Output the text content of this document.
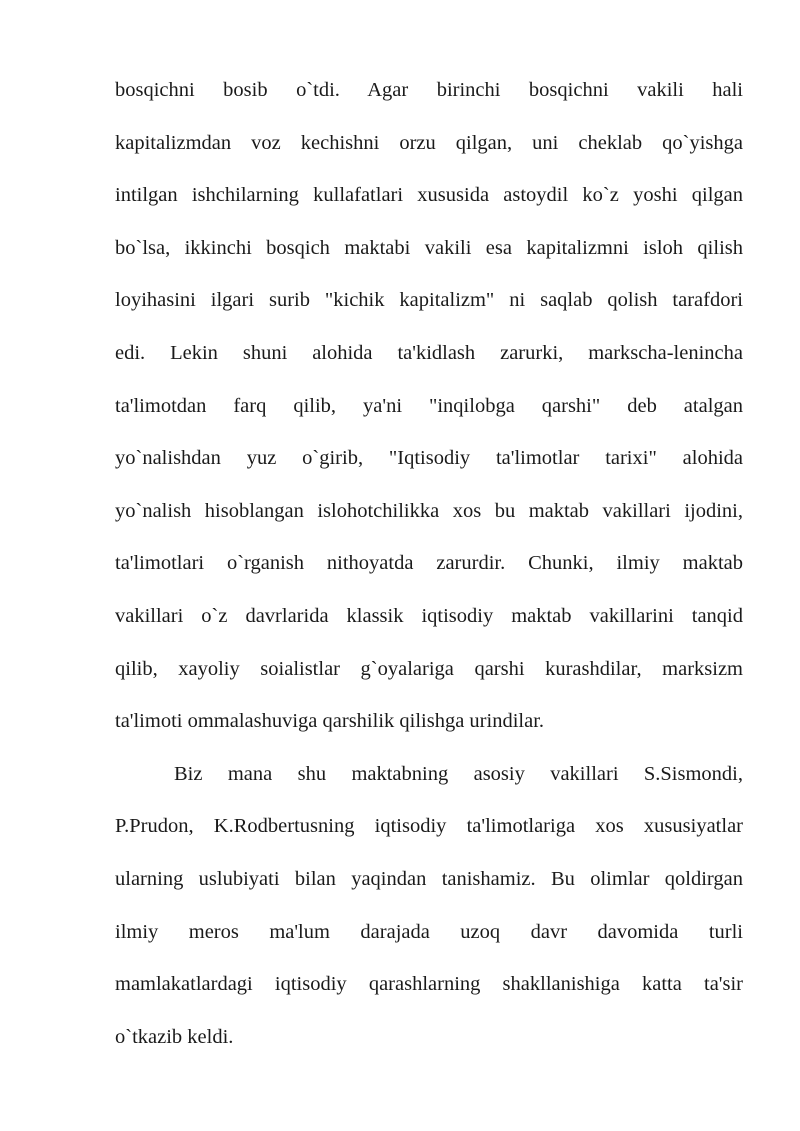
bosqichni bosib o`tdi. Agar birinchi bosqichni vakili hali
kapitalizmdan voz kechishni orzu qilgan, uni cheklab qo`yishga
intilgan ishchilarning kullafatlari xususida astoydil ko`z yoshi qilgan
bo`lsa, ikkinchi bosqich maktabi vakili esa kapitalizmni isloh qilish
loyihasini ilgari surib "kichik kapitalizm" ni saqlab qolish tarafdori
edi. Lekin shuni alohida ta'kidlash zarurki, markscha-lenincha
ta'limotdan farq qilib, ya'ni "inqilobga qarshi" deb atalgan
yo`nalishdan yuz o`girib, "Iqtisodiy ta'limotlar tarixi" alohida
yo`nalish hisoblangan islohotchilikka xos bu maktab vakillari ijodini,
ta'limotlari o`rganish nithoyatda zarurdir. Chunki, ilmiy maktab
vakillari o`z davrlarida klassik iqtisodiy maktab vakillarini tanqid
qilib, xayoliy soialistlar g`oyalariga qarshi kurashdilar, marksizm
ta'limoti ommalashuviga qarshilik qilishga urindilar.
Biz mana shu maktabning asosiy vakillari S.Sismondi,
P.Prudon, K.Rodbertusning iqtisodiy ta'limotlariga xos xususiyatlar
ularning uslubiyati bilan yaqindan tanishamiz. Bu olimlar qoldirgan
ilmiy meros ma'lum darajada uzoq davr davomida turli
mamlakatlardagi iqtisodiy qarashlarning shakllanishiga katta ta'sir
o`tkazib keldi.
